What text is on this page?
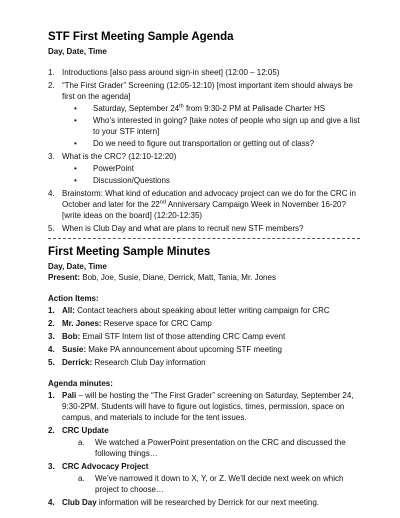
STF First Meeting Sample Agenda
Day, Date, Time
1. Introductions [also pass around sign-in sheet] (12:00 – 12:05)
2. “The First Grader” Screening (12:05-12:10) [most important item should always be first on the agenda]
• Saturday, September 24th from 9:30-2 PM at Palisade Charter HS
• Who’s interested in going? [take notes of people who sign up and give a list to your STF intern]
• Do we need to figure out transportation or getting out of class?
3. What is the CRC? (12:10-12:20)
• PowerPoint
• Discussion/Questions
4. Brainstorm: What kind of education and advocacy project can we do for the CRC in October and later for the 22nd Anniversary Campaign Week in November 16-20? [write ideas on the board] (12:20-12:35)
5. When is Club Day and what are plans to recruit new STF members?
First Meeting Sample Minutes
Day, Date, Time
Present: Bob, Joe, Susie, Diane, Derrick, Matt, Tania, Mr. Jones
Action Items:
1. All: Contact teachers about speaking about letter writing campaign for CRC
2. Mr. Jones: Reserve space for CRC Camp
3. Bob: Email STF Intern list of those attending CRC Camp event
4. Susie: Make PA announcement about upcoming STF meeting
5. Derrick: Research Club Day information
Agenda minutes:
1. Pali – will be hosting the “The First Grader” screening on Saturday, September 24, 9:30-2PM. Students will have to figure out logistics, times, permission, space on campus, and materials to include for the tent issues.
2. CRC Update
a. We watched a PowerPoint presentation on the CRC and discussed the following things…
3. CRC Advocacy Project
a. We’ve narrowed it down to X, Y, or Z. We’ll decide next week on which project to choose…
4. Club Day information will be researched by Derrick for our next meeting.
